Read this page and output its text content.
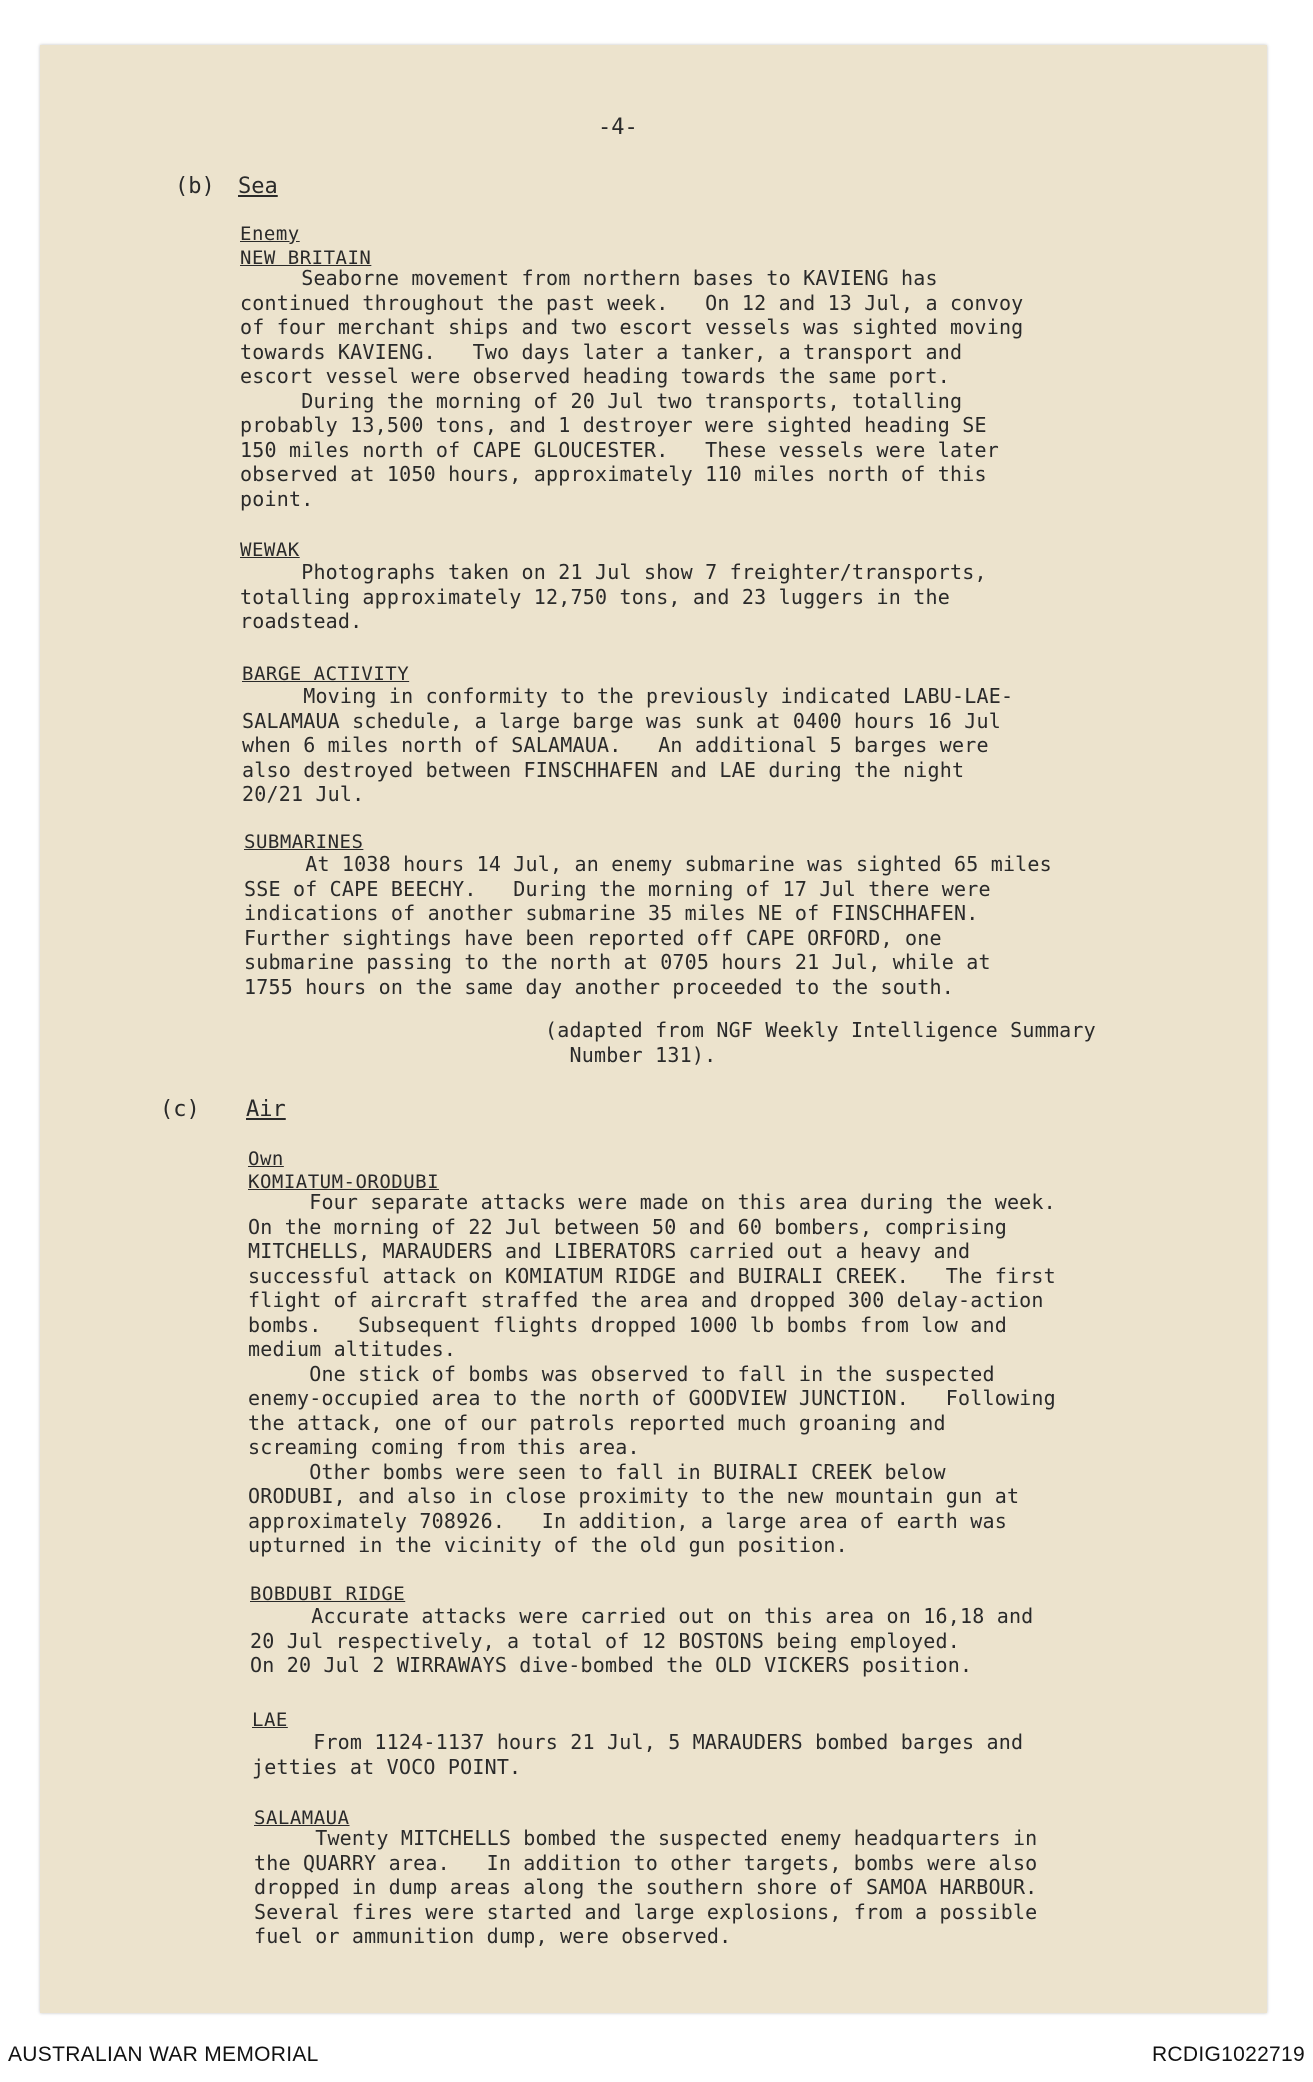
-4-
(b) Sea
Enemy
NEW BRITAIN
Seaborne movement from northern bases to KAVIENG has
continued throughout the past week.   On 12 and 13 Jul, a convoy
of four merchant ships and two escort vessels was sighted moving
towards KAVIENG.   Two days later a tanker, a transport and
escort vessel were observed heading towards the same port.
During the morning of 20 Jul two transports, totalling
probably 13,500 tons, and 1 destroyer were sighted heading SE
150 miles north of CAPE GLOUCESTER.   These vessels were later
observed at 1050 hours, approximately 110 miles north of this
point.
WEWAK
Photographs taken on 21 Jul show 7 freighter/transports,
totalling approximately 12,750 tons, and 23 luggers in the
roadstead.
BARGE ACTIVITY
Moving in conformity to the previously indicated LABU-LAE-
SALAMAUA schedule, a large barge was sunk at 0400 hours 16 Jul
when 6 miles north of SALAMAUA.   An additional 5 barges were
also destroyed between FINSCHHAFEN and LAE during the night
20/21 Jul.
SUBMARINES
At 1038 hours 14 Jul, an enemy submarine was sighted 65 miles
SSE of CAPE BEECHY.   During the morning of 17 Jul there were
indications of another submarine 35 miles NE of FINSCHHAFEN.
Further sightings have been reported off CAPE ORFORD, one
submarine passing to the north at 0705 hours 21 Jul, while at
1755 hours on the same day another proceeded to the south.
(adapted from NGF Weekly Intelligence Summary
Number 131).
(c) Air
Own
KOMIATUM-ORODUBI
Four separate attacks were made on this area during the week.
On the morning of 22 Jul between 50 and 60 bombers, comprising
MITCHELLS, MARAUDERS and LIBERATORS carried out a heavy and
successful attack on KOMIATUM RIDGE and BUIRALI CREEK.   The first
flight of aircraft straffed the area and dropped 300 delay-action
bombs.   Subsequent flights dropped 1000 lb bombs from low and
medium altitudes.
One stick of bombs was observed to fall in the suspected
enemy-occupied area to the north of GOODVIEW JUNCTION.   Following
the attack, one of our patrols reported much groaning and
screaming coming from this area.
Other bombs were seen to fall in BUIRALI CREEK below
ORODUBI, and also in close proximity to the new mountain gun at
approximately 708926.   In addition, a large area of earth was
upturned in the vicinity of the old gun position.
BOBDUBI RIDGE
Accurate attacks were carried out on this area on 16,18 and
20 Jul respectively, a total of 12 BOSTONS being employed.
On 20 Jul 2 WIRRAWAYS dive-bombed the OLD VICKERS position.
LAE
From 1124-1137 hours 21 Jul, 5 MARAUDERS bombed barges and
jetties at VOCO POINT.
SALAMAUA
Twenty MITCHELLS bombed the suspected enemy headquarters in
the QUARRY area.   In addition to other targets, bombs were also
dropped in dump areas along the southern shore of SAMOA HARBOUR.
Several fires were started and large explosions, from a possible
fuel or ammunition dump, were observed.
AUSTRALIAN WAR MEMORIAL	RCDIG1022719
